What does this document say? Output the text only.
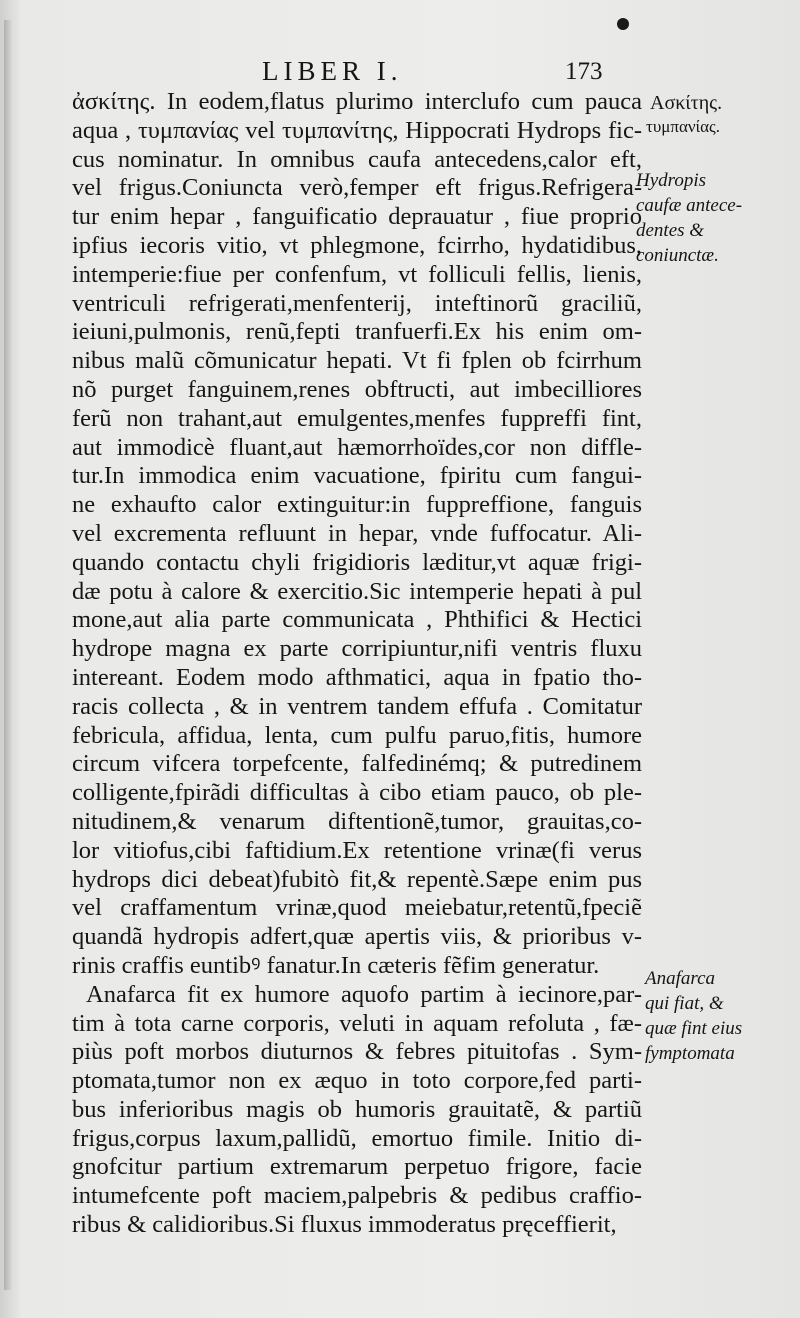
LIBER I.	173
ἀσκίτης. In eodem,flatus plurimo interclufo cum pauca
aqua , τυμπανίας vel τυμπανίτης, Hippocrati Hydrops fic-
cus nominatur. In omnibus caufa antecedens,calor eft,
vel frigus.Coniuncta verò,femper eft frigus.Refrigera-
tur enim hepar , fanguificatio deprauatur , fiue proprio
ipfius iecoris vitio, vt phlegmone, fcirrho, hydatidibus,
intemperie:fiue per confenfum, vt folliculi fellis, lienis,
ventriculi refrigerati,menfenterij, inteftinorũ graciliũ,
ieiuni,pulmonis, renũ,fepti tranfuerfi.Ex his enim om-
nibus malũ cõmunicatur hepati. Vt fi fplen ob fcirrhum
nõ purget fanguinem,renes obftructi, aut imbecilliores
ferũ non trahant,aut emulgentes,menfes fuppreffi fint,
aut immodicè fluant,aut hæmorrhoïdes,cor non diffle-
tur.In immodica enim vacuatione, fpiritu cum fangui-
ne exhaufto calor extinguitur:in fuppreffione, fanguis
vel excrementa refluunt in hepar, vnde fuffocatur. Ali-
quando contactu chyli frigidioris læditur,vt aquæ frigi-
dæ potu à calore & exercitio.Sic intemperie hepati à pul
mone,aut alia parte communicata , Phthifici & Hectici
hydrope magna ex parte corripiuntur,nifi ventris fluxu
intereant. Eodem modo afthmatici, aqua in fpatio tho-
racis collecta , & in ventrem tandem effufa . Comitatur
febricula, affidua, lenta, cum pulfu paruo,fitis, humore
circum vifcera torpefcente, falfedinémq; & putredinem
colligente,fpirãdi difficultas à cibo etiam pauco, ob ple-
nitudinem,& venarum diftentionẽ,tumor, grauitas,co-
lor vitiofus,cibi faftidium.Ex retentione vrinæ(fi verus
hydrops dici debeat)fubitò fit,& repentè.Sæpe enim pus
vel craffamentum vrinæ,quod meiebatur,retentũ,fpeciẽ
quandã hydropis adfert,quæ apertis viis, & prioribus v-
rinis craffis euntibꝰ fanatur.In cæteris fẽfim generatur.
Anafarca fit ex humore aquofo partim à iecinore,par-
tim à tota carne corporis, veluti in aquam refoluta , fæ-
piùs poft morbos diuturnos & febres pituitofas . Sym-
ptomata,tumor non ex æquo in toto corpore,fed parti-
bus inferioribus magis ob humoris grauitatẽ, & partiũ
frigus,corpus laxum,pallidũ, emortuo fimile. Initio di-
gnofcitur partium extremarum perpetuo frigore, facie
intumefcente poft maciem,palpebris & pedibus craffio-
ribus & calidioribus.Si fluxus immoderatus pręceffierit,
Ασκίτης.
τυμπανίας.
Hydropis
caufæ antece-
dentes &
coniunctæ.
Anafarca
qui fiat, &
quæ fint eius
fymptomata
